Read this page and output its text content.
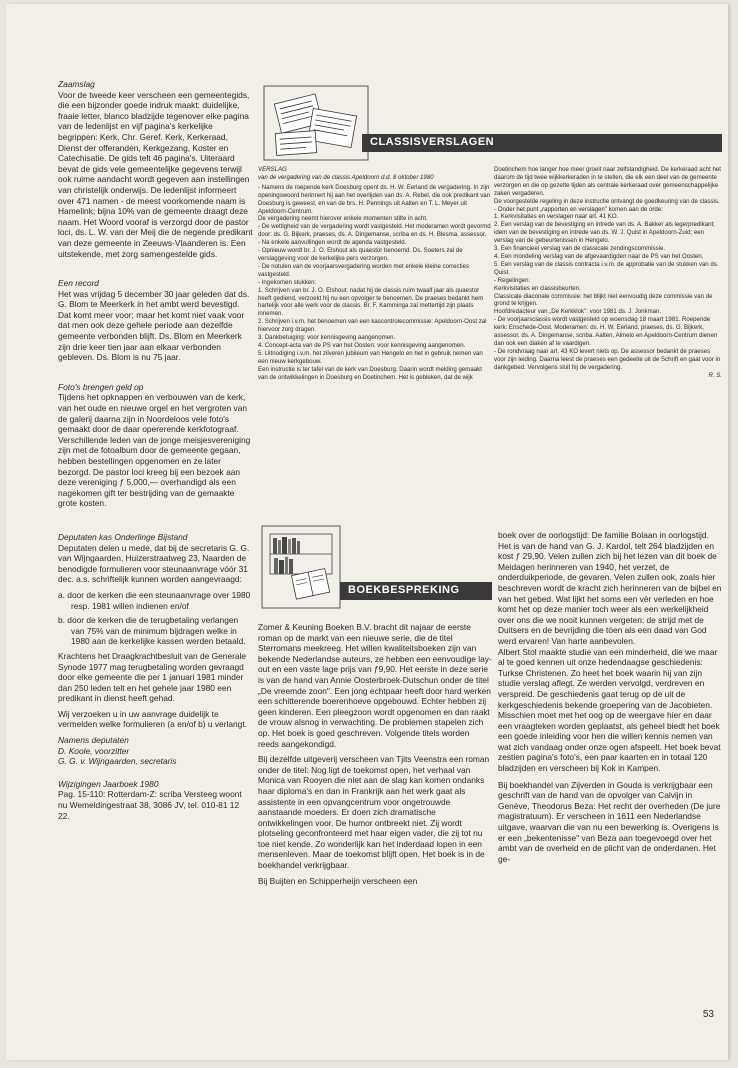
Zaamslag

Voor de tweede keer verscheen een gemeentegids, die een bijzonder goede indruk maakt: duidelijke, fraaie letter, blanco bladzijde tegenover elke pagina van de ledenlijst en vijf pagina's kerkelijke begrippen: Kerk, Chr. Geref. Kerk, Kerkeraad, Dienst der offeranden, Kerkgezang, Koster en Catechisatie. De gids telt 46 pagina's. Uiteraard bevat de gids vele gemeentelijke gegevens terwijl ook ruime aandacht wordt gegeven aan instellingen van christelijk onderwijs. De ledenlijst informeert over 471 namen - de meest voorkomende naam is Hamelink; bijna 10% van de gemeente draagt deze naam. Het Woord vooraf is verzorgd door de pastor loci, ds. L. W. van der Meij die de negende predikant van deze gemeente in Zeeuws-Vlaanderen is. Een uitstekende, met zorg samengestelde gids.

Een record

Het was vrijdag 5 december 30 jaar geleden dat ds. G. Blom te Meerkerk in het ambt werd bevestigd. Dat komt meer voor; maar het komt niet vaak voor dat men ook deze gehele periode aan dezelfde gemeente verbonden blijft. Ds. Blom en Meerkerk zijn drie keer tien jaar aan elkaar verbonden gebleven. Ds. Blom is nu 75 jaar.

Foto's brengen geld op

Tijdens het opknappen en verbouwen van de kerk, van het oude en nieuwe orgel en het vergroten van de galerij daarna zijn in Noordeloos vele foto's gemaakt door de daar opererende kerkfotograaf. Verschillende leden van de jonge meisjesvereniging zijn met de fotoalbum door de gemeente gegaan, hebben bestellingen opgenomen en ze later bezorgd. De pastor loci kreeg bij een bezoek aan deze vereniging ƒ 5.000,— overhandigd als een nagekomen gift ter bestrijding van de gemaakte grote kosten.

Deputaten kas Onderlinge Bijstand

Deputaten delen u mede, dat bij de secretaris G. G. van Wijngaarden, Huizerstraatweg 23, Naarden de benodigde formulieren voor steunaanvrage vóór 31 dec. a.s. schriftelijk kunnen worden aangevraagd:

a. door de kerken die een steunaanvrage over 1980 resp. 1981 willen indienen en/of

b. door de kerken die de terugbetaling verlangen van 75% van de minimum bijdragen welke in 1980 aan de kerkelijke kassen werden betaald.

Krachtens het Draagkrachtbesluit van de Generale Synode 1977 mag terugbetaling worden gevraagd door elke gemeente die per 1 januari 1981 minder dan 250 leden telt en het gehele jaar 1980 een predikant in dienst heeft gehad.

Wij verzoeken u in uw aanvrage duidelijk te vermelden welke formulieren (a en/of b) u verlangt.

Namens deputaten

D. Koole, voorzitter

G. G. v. Wijngaarden, secretaris

Wijzigingen Jaarboek 1980

Pag. 15-110: Rotterdam-Z: scriba Versteeg woont nu Wemeldingestraat 38, 3086 JV, tel. 010-81 12 22.

CLASSISVERSLAGEN

VERSLAG

van de vergadering van de classis Apeldoorn d.d. 8 oktober 1980

- Namens de roepende kerk Doesburg opent ds. H. W. Eerland de vergadering. In zijn openingswoord herinnert hij aan het overlijden van ds. A. Rebel, die ook predikant van Doesburg is geweest, en van de brs. H. Pennings uit Aalten en T. L. Meyer uit Apeldoorn-Centrum.

De vergadering neemt hierover enkele momenten stilte in acht.

- De wettigheid van de vergadering wordt vastgesteld. Het moderamen wordt gevormd door: ds. G. Bijkerk, praeses, ds. A. Dingemanse, scriba en ds. H. Blesma, assessor.

- Na enkele aanvullingen wordt de agenda vastgesteld.

- Opnieuw wordt br. J. O. Elshout als quaestor benoemd. Ds. Soeters zal de verslaggeving voor de kerkelijke pers verzorgen.

- De notulen van de voorjaarsvergadering worden met enkele kleine correcties vastgesteld.

- Ingekomen stukken:

1. Schrijven van br. J. O. Elshout: nadat hij de classis ruim twaalf jaar als quaestor heeft gediend, verzoekt hij nu een opvolger te benoemen. De praeses bedankt hem hartelijk voor alle werk voor de classis. Br. F. Kamminga zal mettertijd zijn plaats innemen.

2. Schrijven i.v.m. het benoemen van een kascontrolecommissie: Apeldoorn-Oost zal hiervoor zorg dragen.

3. Dankbetuiging: voor kennisgeving aangenomen.

4. Concept-acta van de PS van het Oosten: voor kennisgeving aangenomen.

5. Uitnodiging i.v.m. het zilveren jubileum van Hengelo en het in gebruik nemen van een nieuw kerkgebouw.

Een instructie is ter tafel van de kerk van Doesburg. Daarin wordt melding gemaakt van de ontwikkelingen in Doesburg en Doetinchem. Het is gebleken, dat de wijk

Doetinchem hoe langer hoe meer groeit naar zelfstandigheid. De kerkeraad acht het daarom de tijd twee wijkkerkeraden in te stellen, die elk een deel van de gemeente verzorgen en die op gezette tijden als centrale kerkeraad over gemeenschappelijke zaken vergaderen.

De voorgestelde regeling in deze instructie ontvangt de goedkeuring van de classis.

- Onder het punt „rapporten en verslagen" komen aan de orde:

1. Kerkvisitaties en verslagen naar art. 41 KO.

2. Een verslag van de bevestiging en intrede van ds. A. Bakker als legerpredikant; idem van de bevestiging en intrede van ds. W. J. Quist in Apeldoorn-Zuid; een verslag van de gebeurtenissen in Hengelo.

3. Een financieel verslag van de classicale zendingscommissie.

4. Een mondeling verslag van de afgevaardigden naar de PS van het Oosten.

5. Een verslag van de classis contracta i.v.m. de approbatie van de stukken van ds. Quist.

- Regelingen:

Kerkvisitaties en classisbeurten.

Classicale diaconale commissie: het blijkt niet eenvoudig deze commissie van de grond te krijgen.

Hoofdredacteur van „De Kerkklok": voor 1981 ds. J. Jonkman.

- De voorjaarsclassis wordt vastgesteld op woensdag 18 maart 1981. Roepende kerk: Enschede-Oost. Moderamen: ds. H. W. Eerland, praeses, ds. G. Bijkerk, assessor, ds. A. Dingemanse, scriba. Aalten, Almelo en Apeldoorn-Centrum dienen dan ook een diaken af te vaardigen.

- De rondvraag naar art. 43 KO levert niets op. De assessor bedankt de praeses voor zijn leiding. Daarna leest de praeses een gedeelte uit de Schrift en gaat voor in dankgebed. Vervolgens sluit hij de vergadering.

R. S.

BOEKBESPREKING

Zomer & Keuning Boeken B.V. bracht dit najaar de eerste roman op de markt van een nieuwe serie, die de titel Sterromans meekreeg. Het willen kwaliteitsboeken zijn van bekende Nederlandse auteurs, ze hebben een eenvoudige lay-out en een vaste lage prijs van ƒ9,90. Het eerste in deze serie is van de hand van Annie Oosterbroek-Dutschun onder de titel „De vreemde zoon". Een jong echtpaar heeft door hard werken een schitterende boerenhoeve opgebouwd. Echter hebben zij geen kinderen. Een pleegzoon wordt opgenomen en dan raakt de vrouw alsnog in verwachting. De problemen stapelen zich op. Het boek is goed geschreven. Volgende titels worden reeds aangekondigd.

Bij dezelfde uitgeverij verscheen van Tjits Veenstra een roman onder de titel: Nog ligt de toekomst open, het verhaal van Monica van Rooyen die niet aan de slag kan komen ondanks haar diploma's en dan in Frankrijk aan het werk gaat als assistente in een opvangcentrum voor ongetrouwde aanstaande moeders. Er doen zich dramatische ontwikkelingen voor. De humor ontbreekt niet. Zij wordt plotseling geconfronteerd met haar eigen vader, die zij tot nu toe niet kende. Zo wonderlijk kan het inderdaad lopen in een mensenleven. Maar de toekomst blijft open. Het boek is in de boekhandel verkrijgbaar.

Bij Buijten en Schipperheijn verscheen een

boek over de oorlogstijd: De familie Bolaan in oorlogstijd. Het is van de hand van G. J. Kardol, telt 264 bladzijden en kost ƒ 29,90. Velen zullen zich bij het lezen van dit boek de Meidagen herinneren van 1940, het verzet, de onderduikperiode, de gevaren. Velen zullen ook, zoals hier beschreven wordt de kracht zich herinneren van de bijbel en van het gebed. Wat lijkt het soms een vèr verleden en hoe komt het op deze manier toch weer als een werkelijkheid over ons die we nooit kunnen vergeten: de strijd met de Duitsers en de bevrijding die tóen als een daad van God werd ervaren! Van harte aanbevolen.

Albert Stol maakte studie van een minderheid, die we maar al te goed kennen uit onze hedendaagse geschiedenis: Turkse Christenen. Zo heet het boek waarin hij van zijn studie verslag aflegt. Ze werden vervolgd, verdreven en verspreid. De geschiedenis gaat terug op de uit de kerkgeschiedenis bekende groepering van de Jacobieten. Misschien moet met het oog op de weergave hier en daar een vraagteken worden geplaatst, als geheel biedt het boek een goede inleiding voor hen die willen kennis nemen van wat zich vandaag onder onze ogen afspeelt. Het boek bevat zestien pagina's foto's, een paar kaarten en in totaal 120 bladzijden en verscheen bij Kok in Kampen.

Bij boekhandel van Zijverden in Gouda is verkrijgbaar een geschrift van de hand van de opvolger van Calvijn in Genève, Theodorus Beza: Het recht der overheden (De jure magistratuum). Er verscheen in 1611 een Nederlandse uitgave, waarvan die van nu een bewerking is. Overigens is er een „bekentenisse" van Beza aan toegevoegd over het ambt van de overheid en de plicht van de onderdanen. Het ge-

53
